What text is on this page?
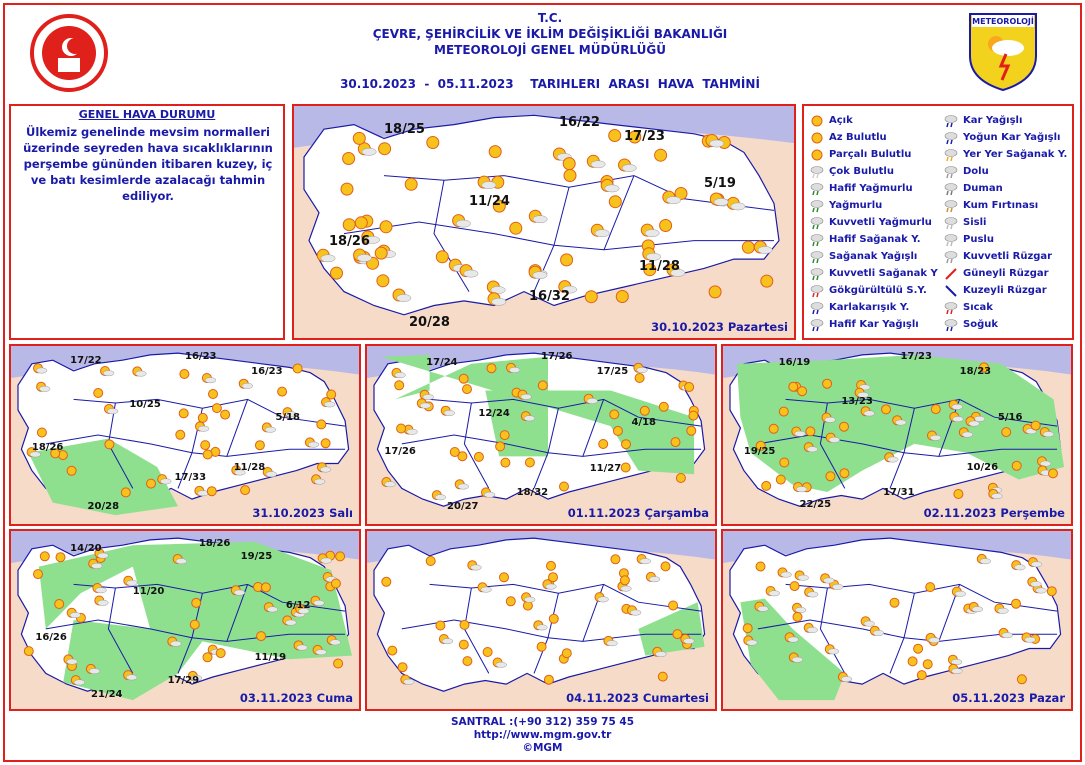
T.C.
ÇEVRE, ŞEHİRCİLİK VE İKLİM DEĞİŞİKLİĞİ BAKANLIĞI
METEOROLOJİ GENEL MÜDÜRLÜĞÜ
30.10.2023  -  05.11.2023    TARIHLERI  ARASI  HAVA  TAHMİNİ
METEOROLOJİ
GENEL HAVA DURUMU
Ülkemiz genelinde mevsim normalleri üzerinde seyreden hava sıcaklıklarının perşembe gününden itibaren kuzey, iç ve batı kesimlerde azalacağı tahmin ediliyor.
18/25	16/22
17/23
5/19
11/24
18/26
16/32
11/28
20/28	30.10.2023 Pazartesi
17/22	16/23
16/23
10/25
5/18
18/26
17/33
11/28
20/28	31.10.2023 Salı
17/24	17/26
17/25
12/24
4/18
17/26
11/27
18/32
20/27	01.11.2023 Çarşamba
16/19	17/23
18/23
13/23
5/16
19/25
10/26
17/31
22/25
02.11.2023 Perşembe
14/20	18/26
19/25
11/20
6/12
16/26
11/19
17/29
21/24	03.11.2023 Cuma	04.11.2023 Cumartesi	05.11.2023 Pazar
Açık
Az Bulutlu
Parçalı Bulutlu
Çok Bulutlu
Hafif Yağmurlu
Yağmurlu
Kuvvetli Yağmurlu
Hafif Sağanak Y.
Sağanak Yağışlı
Kuvvetli Sağanak Y
Gökgürültülü S.Y.
Karlakarışık Y.
Hafif Kar Yağışlı
Kar Yağışlı
Yoğun Kar Yağışlı
Yer Yer Sağanak Y.
Dolu
Duman
Kum Fırtınası
Sisli
Puslu
Kuvvetli Rüzgar
Güneyli Rüzgar
Kuzeyli Rüzgar
Sıcak
Soğuk
SANTRAL :(+90 312) 359 75 45
http://www.mgm.gov.tr
©MGM
